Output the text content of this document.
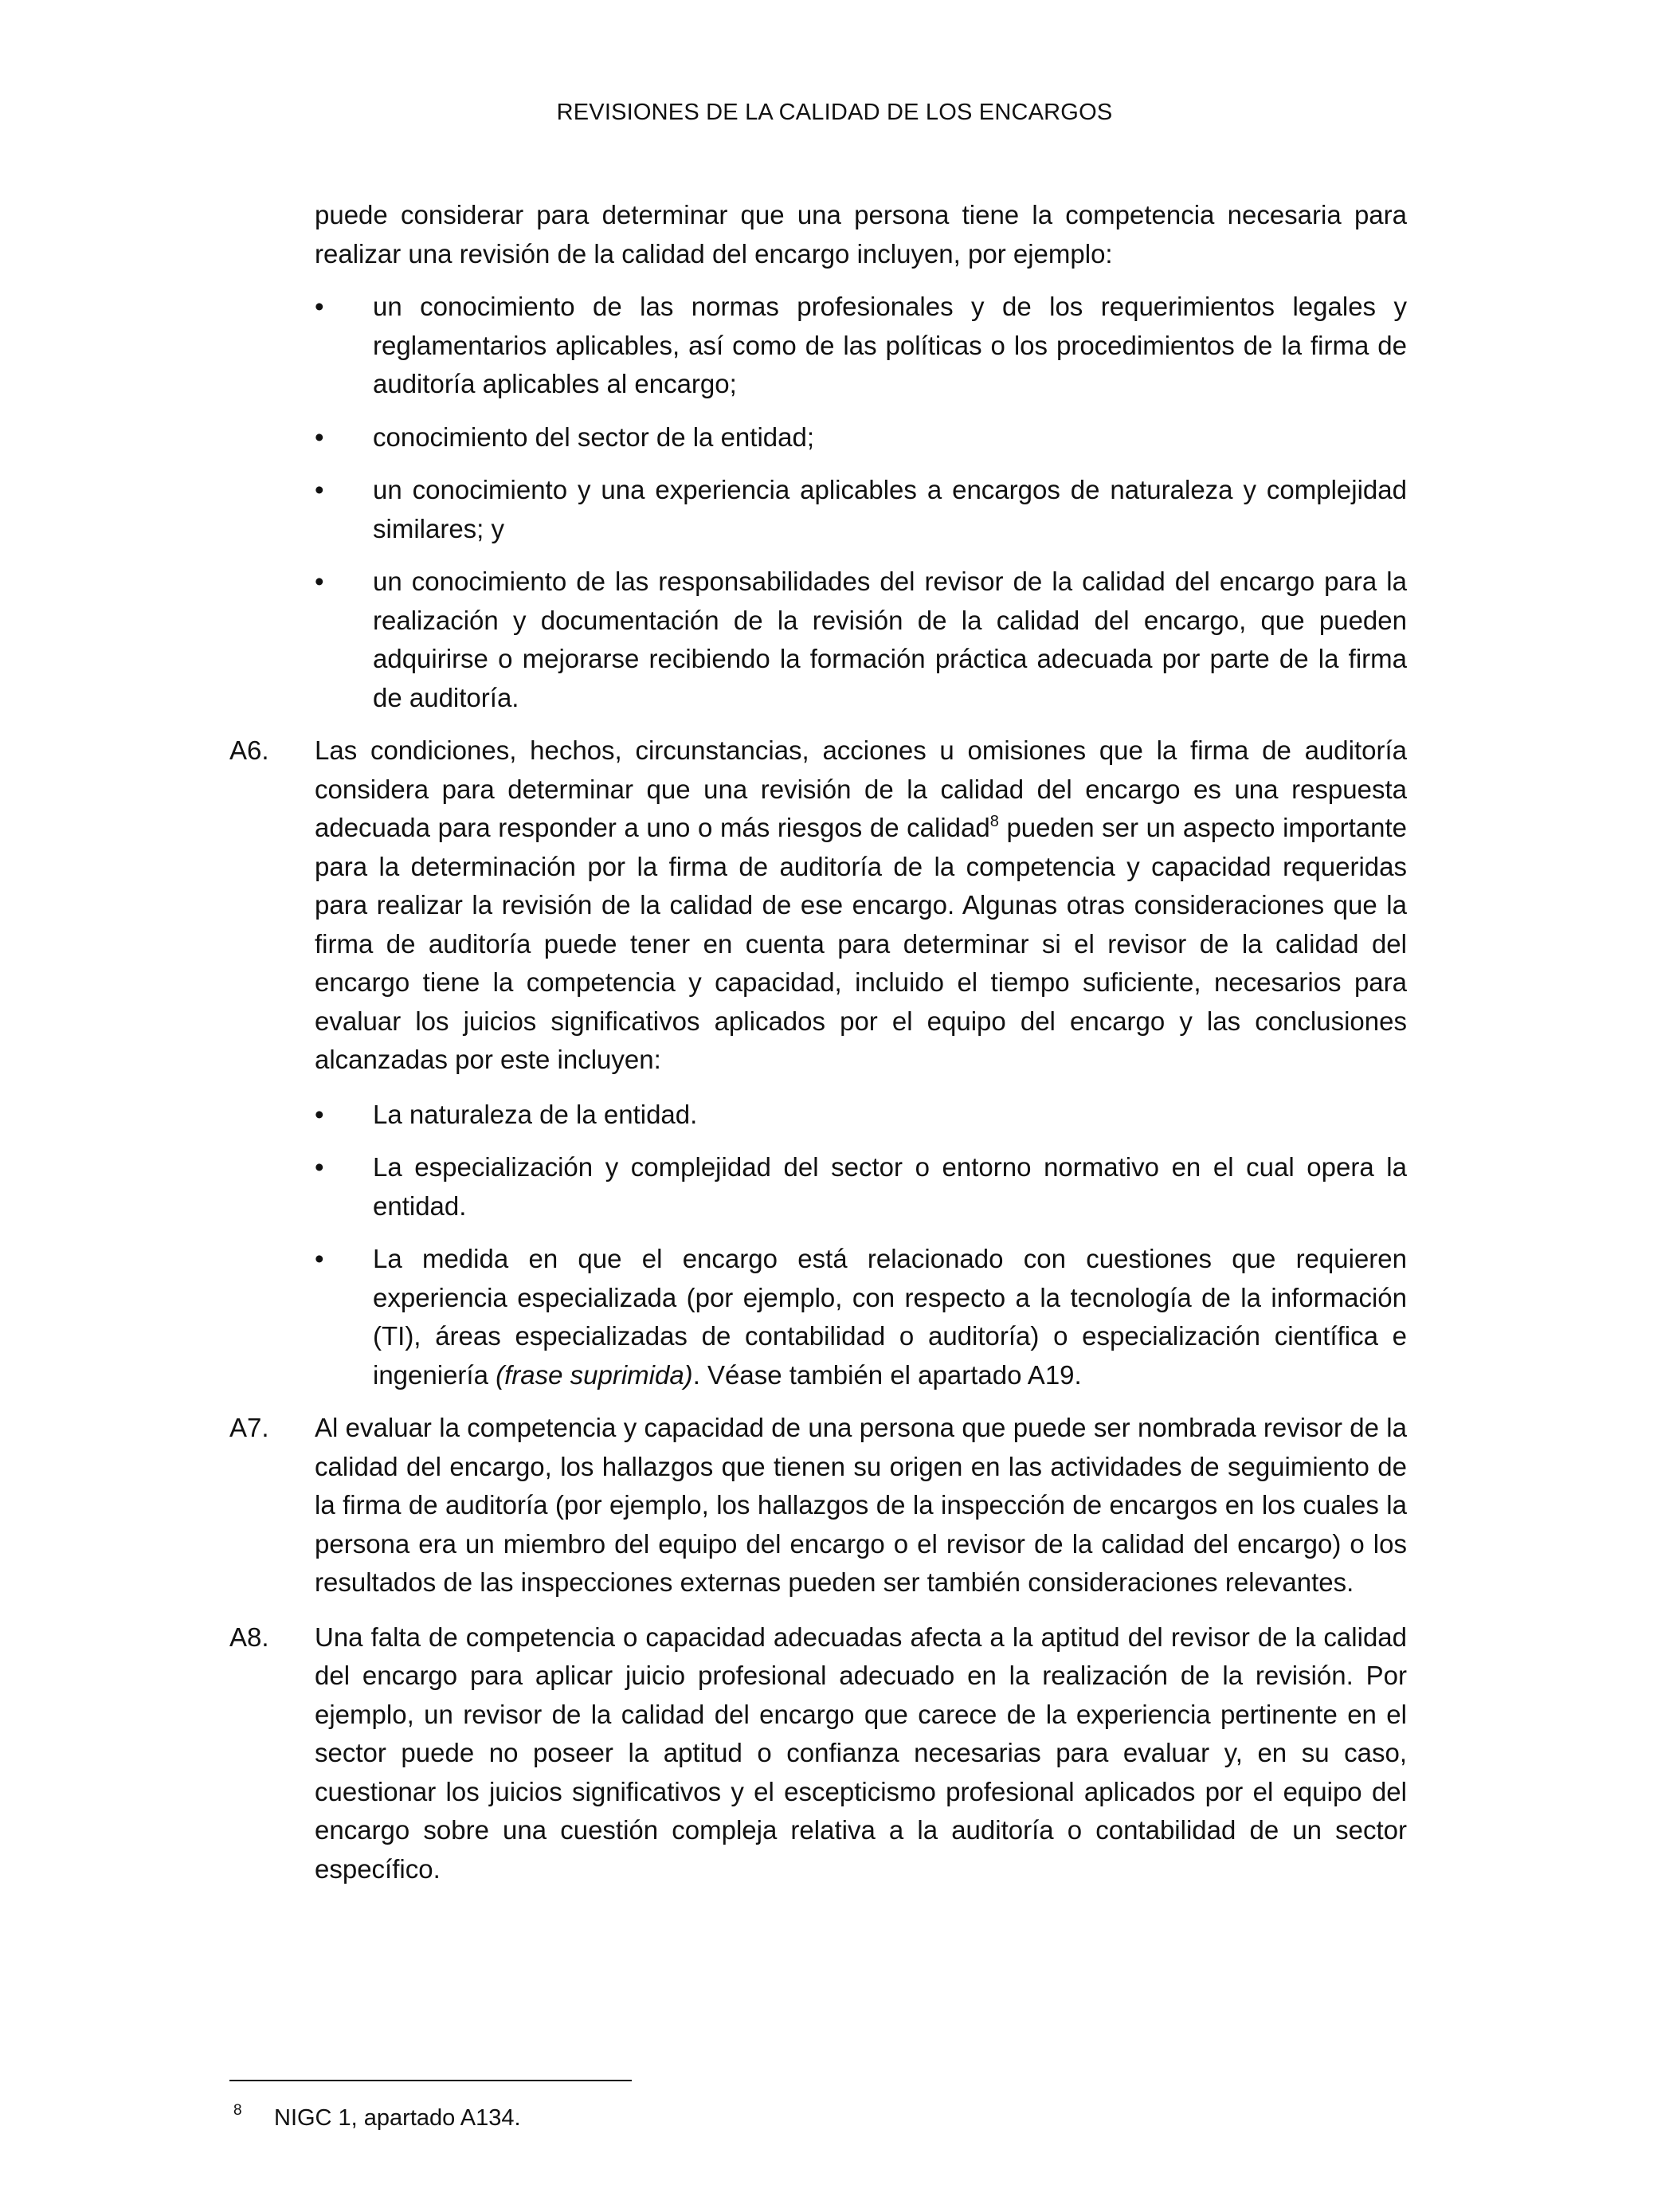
REVISIONES DE LA CALIDAD DE LOS ENCARGOS

puede considerar para determinar que una persona tiene la competencia necesaria para realizar una revisión de la calidad del encargo incluyen, por ejemplo:

• un conocimiento de las normas profesionales y de los requerimientos legales y reglamentarios aplicables, así como de las políticas o los procedimientos de la firma de auditoría aplicables al encargo;
• conocimiento del sector de la entidad;
• un conocimiento y una experiencia aplicables a encargos de naturaleza y complejidad similares; y
• un conocimiento de las responsabilidades del revisor de la calidad del encargo para la realización y documentación de la revisión de la calidad del encargo, que pueden adquirirse o mejorarse recibiendo la formación práctica adecuada por parte de la firma de auditoría.
A6. Las condiciones, hechos, circunstancias, acciones u omisiones que la firma de auditoría considera para determinar que una revisión de la calidad del encargo es una respuesta adecuada para responder a uno o más riesgos de calidad$^8$ pueden ser un aspecto importante para la determinación por la firma de auditoría de la competencia y capacidad requeridas para realizar la revisión de la calidad de ese encargo. Algunas otras consideraciones que la firma de auditoría puede tener en cuenta para determinar si el revisor de la calidad del encargo tiene la competencia y capacidad, incluido el tiempo suficiente, necesarios para evaluar los juicios significativos aplicados por el equipo del encargo y las conclusiones alcanzadas por este incluyen:
• La naturaleza de la entidad.
• La especialización y complejidad del sector o entorno normativo en el cual opera la entidad.
• La medida en que el encargo está relacionado con cuestiones que requieren experiencia especializada (por ejemplo, con respecto a la tecnología de la información (TI), áreas especializadas de contabilidad o auditoría) o especialización científica e ingeniería (frase suprimida). Véase también el apartado A19.
A7. Al evaluar la competencia y capacidad de una persona que puede ser nombrada revisor de la calidad del encargo, los hallazgos que tienen su origen en las actividades de seguimiento de la firma de auditoría (por ejemplo, los hallazgos de la inspección de encargos en los cuales la persona era un miembro del equipo del encargo o el revisor de la calidad del encargo) o los resultados de las inspecciones externas pueden ser también consideraciones relevantes.
A8. Una falta de competencia o capacidad adecuadas afecta a la aptitud del revisor de la calidad del encargo para aplicar juicio profesional adecuado en la realización de la revisión. Por ejemplo, un revisor de la calidad del encargo que carece de la experiencia pertinente en el sector puede no poseer la aptitud o confianza necesarias para evaluar y, en su caso, cuestionar los juicios significativos y el escepticismo profesional aplicados por el equipo del encargo sobre una cuestión compleja relativa a la auditoría o contabilidad de un sector específico.
8 NIGC 1, apartado A134.
